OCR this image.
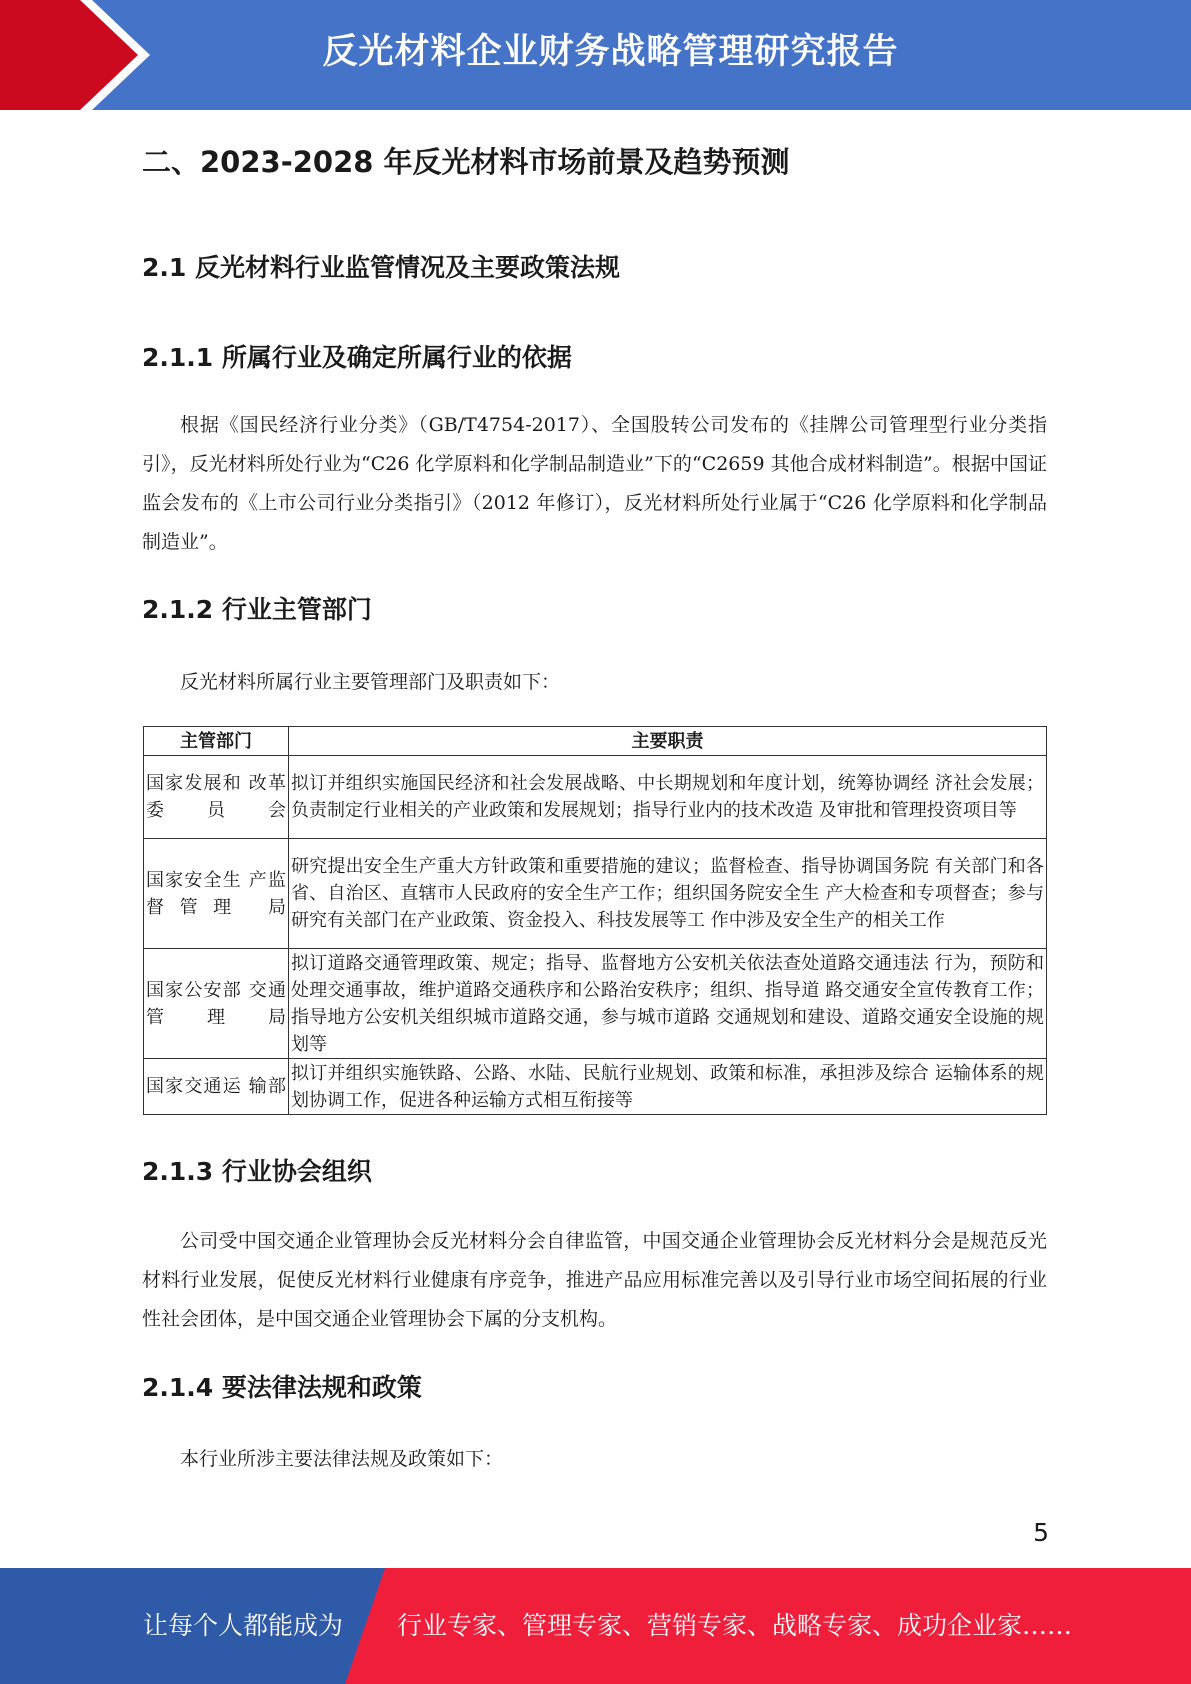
反光材料企业财务战略管理研究报告
二、2023-2028 年反光材料市场前景及趋势预测
2.1 反光材料行业监管情况及主要政策法规
2.1.1 所属行业及确定所属行业的依据

根据《国民经济行业分类》（GB/T4754-2017）、全国股转公司发布的《挂牌公司管理型行业分类指引》，反光材料所处行业为“C26 化学原料和化学制品制造业”下的“C2659 其他合成材料制造”。根据中国证监会发布的《上市公司行业分类指引》（2012 年修订），反光材料所处行业属于“C26 化学原料和化学制品制造业”。

2.1.2 行业主管部门

反光材料所属行业主要管理部门及职责如下：

主管部门	主要职责
国家发展和 改革委员会	拟订并组织实施国民经济和社会发展战略、中长期规划和年度计划，统筹协调经 济社会发展；负责制定行业相关的产业政策和发展规划；指导行业内的技术改造 及审批和管理投资项目等
国家安全生 产监督管理 局	研究提出安全生产重大方针政策和重要措施的建议；监督检查、指导协调国务院 有关部门和各省、自治区、直辖市人民政府的安全生产工作；组织国务院安全生 产大检查和专项督查；参与研究有关部门在产业政策、资金投入、科技发展等工 作中涉及安全生产的相关工作
国家公安部 交通管理局	拟订道路交通管理政策、规定；指导、监督地方公安机关依法查处道路交通违法 行为，预防和处理交通事故，维护道路交通秩序和公路治安秩序；组织、指导道 路交通安全宣传教育工作；指导地方公安机关组织城市道路交通，参与城市道路 交通规划和建设、道路交通安全设施的规划等
国家交通运 输部	拟订并组织实施铁路、公路、水陆、民航行业规划、政策和标准，承担涉及综合 运输体系的规划协调工作，促进各种运输方式相互衔接等
2.1.3 行业协会组织

公司受中国交通企业管理协会反光材料分会自律监管，中国交通企业管理协会反光材料分会是规范反光材料行业发展，促使反光材料行业健康有序竞争，推进产品应用标准完善以及引导行业市场空间拓展的行业性社会团体，是中国交通企业管理协会下属的分支机构。

2.1.4 要法律法规和政策

本行业所涉主要法律法规及政策如下：

5
让每个人都能成为 行业专家、管理专家、营销专家、战略专家、成功企业家……
